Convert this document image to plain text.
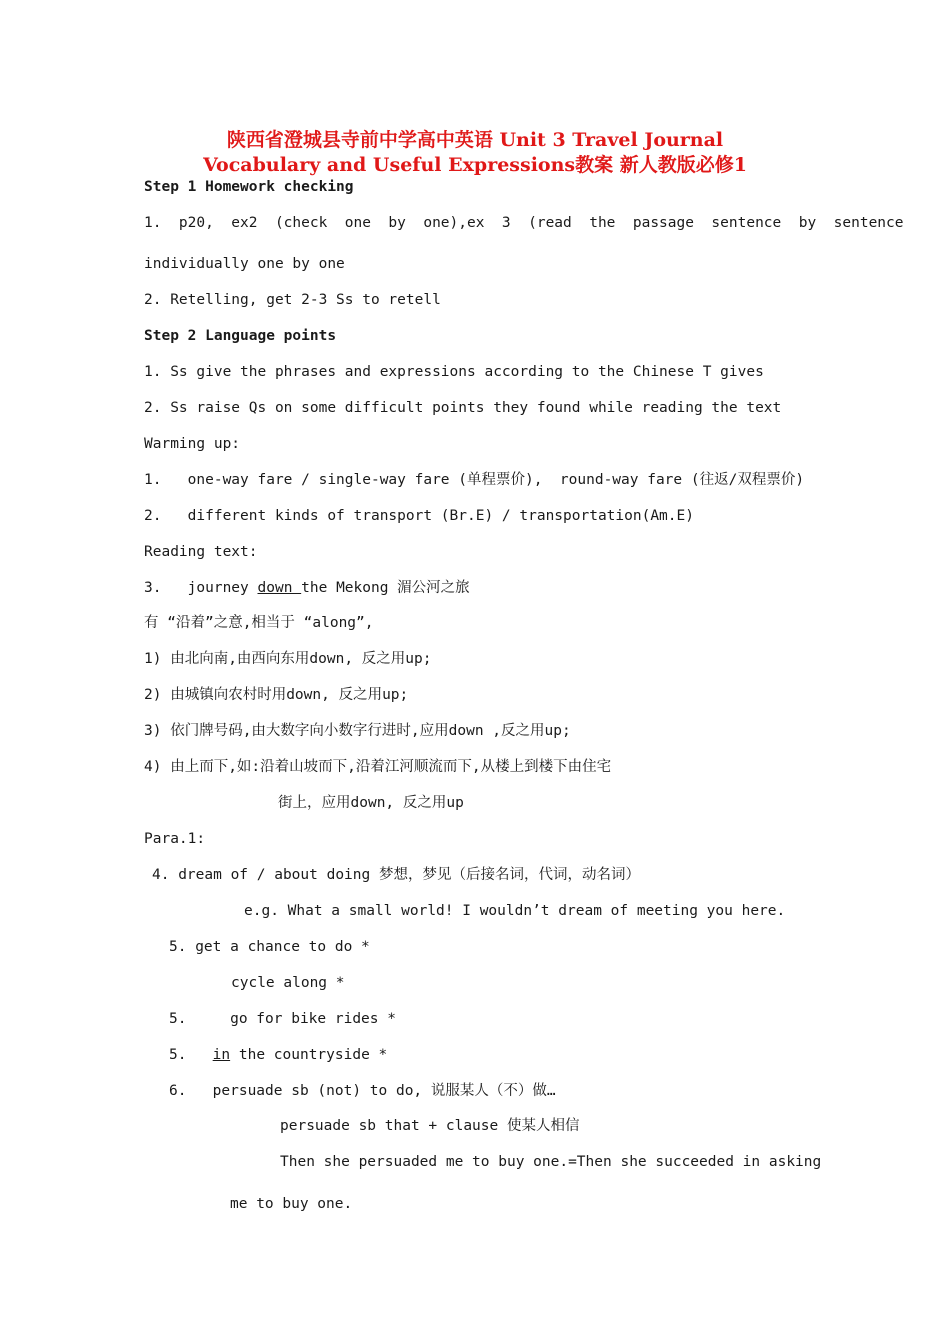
陕西省澄城县寺前中学高中英语 Unit 3 Travel Journal
Vocabulary and Useful Expressions教案 新人教版必修1
Step 1 Homework checking
1.  p20,  ex2  (check  one  by  one),ex  3  (read  the  passage  sentence  by  sentence
individually one by one
2. Retelling, get 2-3 Ss to retell
Step 2 Language points
1. Ss give the phrases and expressions according to the Chinese T gives
2. Ss raise Qs on some difficult points they found while reading the text
Warming up:
1.   one-way fare / single-way fare (单程票价),  round-way fare (往返/双程票价)
2.   different kinds of transport (Br.E) / transportation(Am.E)
Reading text:
3.   journey down the Mekong 湄公河之旅
有 “沿着”之意,相当于 “along”,
1) 由北向南,由西向东用down, 反之用up;
2) 由城镇向农村时用down, 反之用up;
3) 依门牌号码,由大数字向小数字行进时,应用down ,反之用up;
4) 由上而下,如:沿着山坡而下,沿着江河顺流而下,从楼上到楼下由住宅
街上，应用down, 反之用up
Para.1:
4. dream of / about doing 梦想，梦见（后接名词，代词，动名词）
e.g. What a small world! I wouldn’t dream of meeting you here.
5. get a chance to do *
cycle along *
5.     go for bike rides *
5.   in the countryside *
6.   persuade sb (not) to do, 说服某人（不）做…
persuade sb that + clause 使某人相信
Then she persuaded me to buy one.=Then she succeeded in asking
me to buy one.
